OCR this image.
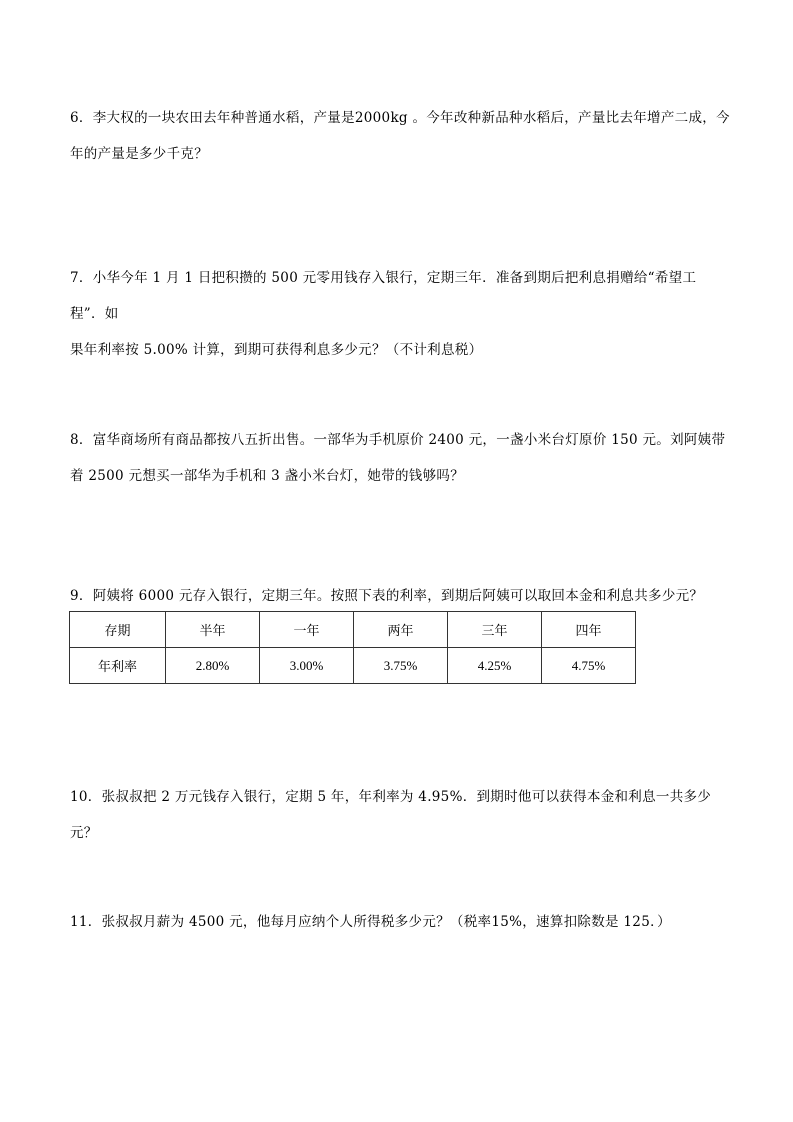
6．李大权的一块农田去年种普通水稻，产量是2000kg 。今年改种新品种水稻后，产量比去年增产二成，今
年的产量是多少千克？
7．小华今年 1 月 1 日把积攒的 500 元零用钱存入银行，定期三年．准备到期后把利息捐赠给“希望工程”．如
果年利率按 5.00% 计算，到期可获得利息多少元？（不计利息税）
8．富华商场所有商品都按八五折出售。一部华为手机原价 2400 元，一盏小米台灯原价 150 元。刘阿姨带
着 2500 元想买一部华为手机和 3 盏小米台灯，她带的钱够吗？
9．阿姨将 6000 元存入银行，定期三年。按照下表的利率，到期后阿姨可以取回本金和利息共多少元？
存期	半年	一年	两年	三年	四年
年利率	2.80%	3.00%	3.75%	4.25%	4.75%
10．张叔叔把 2 万元钱存入银行，定期 5 年，年利率为 4.95%．到期时他可以获得本金和利息一共多少元？
11．张叔叔月薪为 4500 元，他每月应纳个人所得税多少元？（税率15%，速算扣除数是 125．）
